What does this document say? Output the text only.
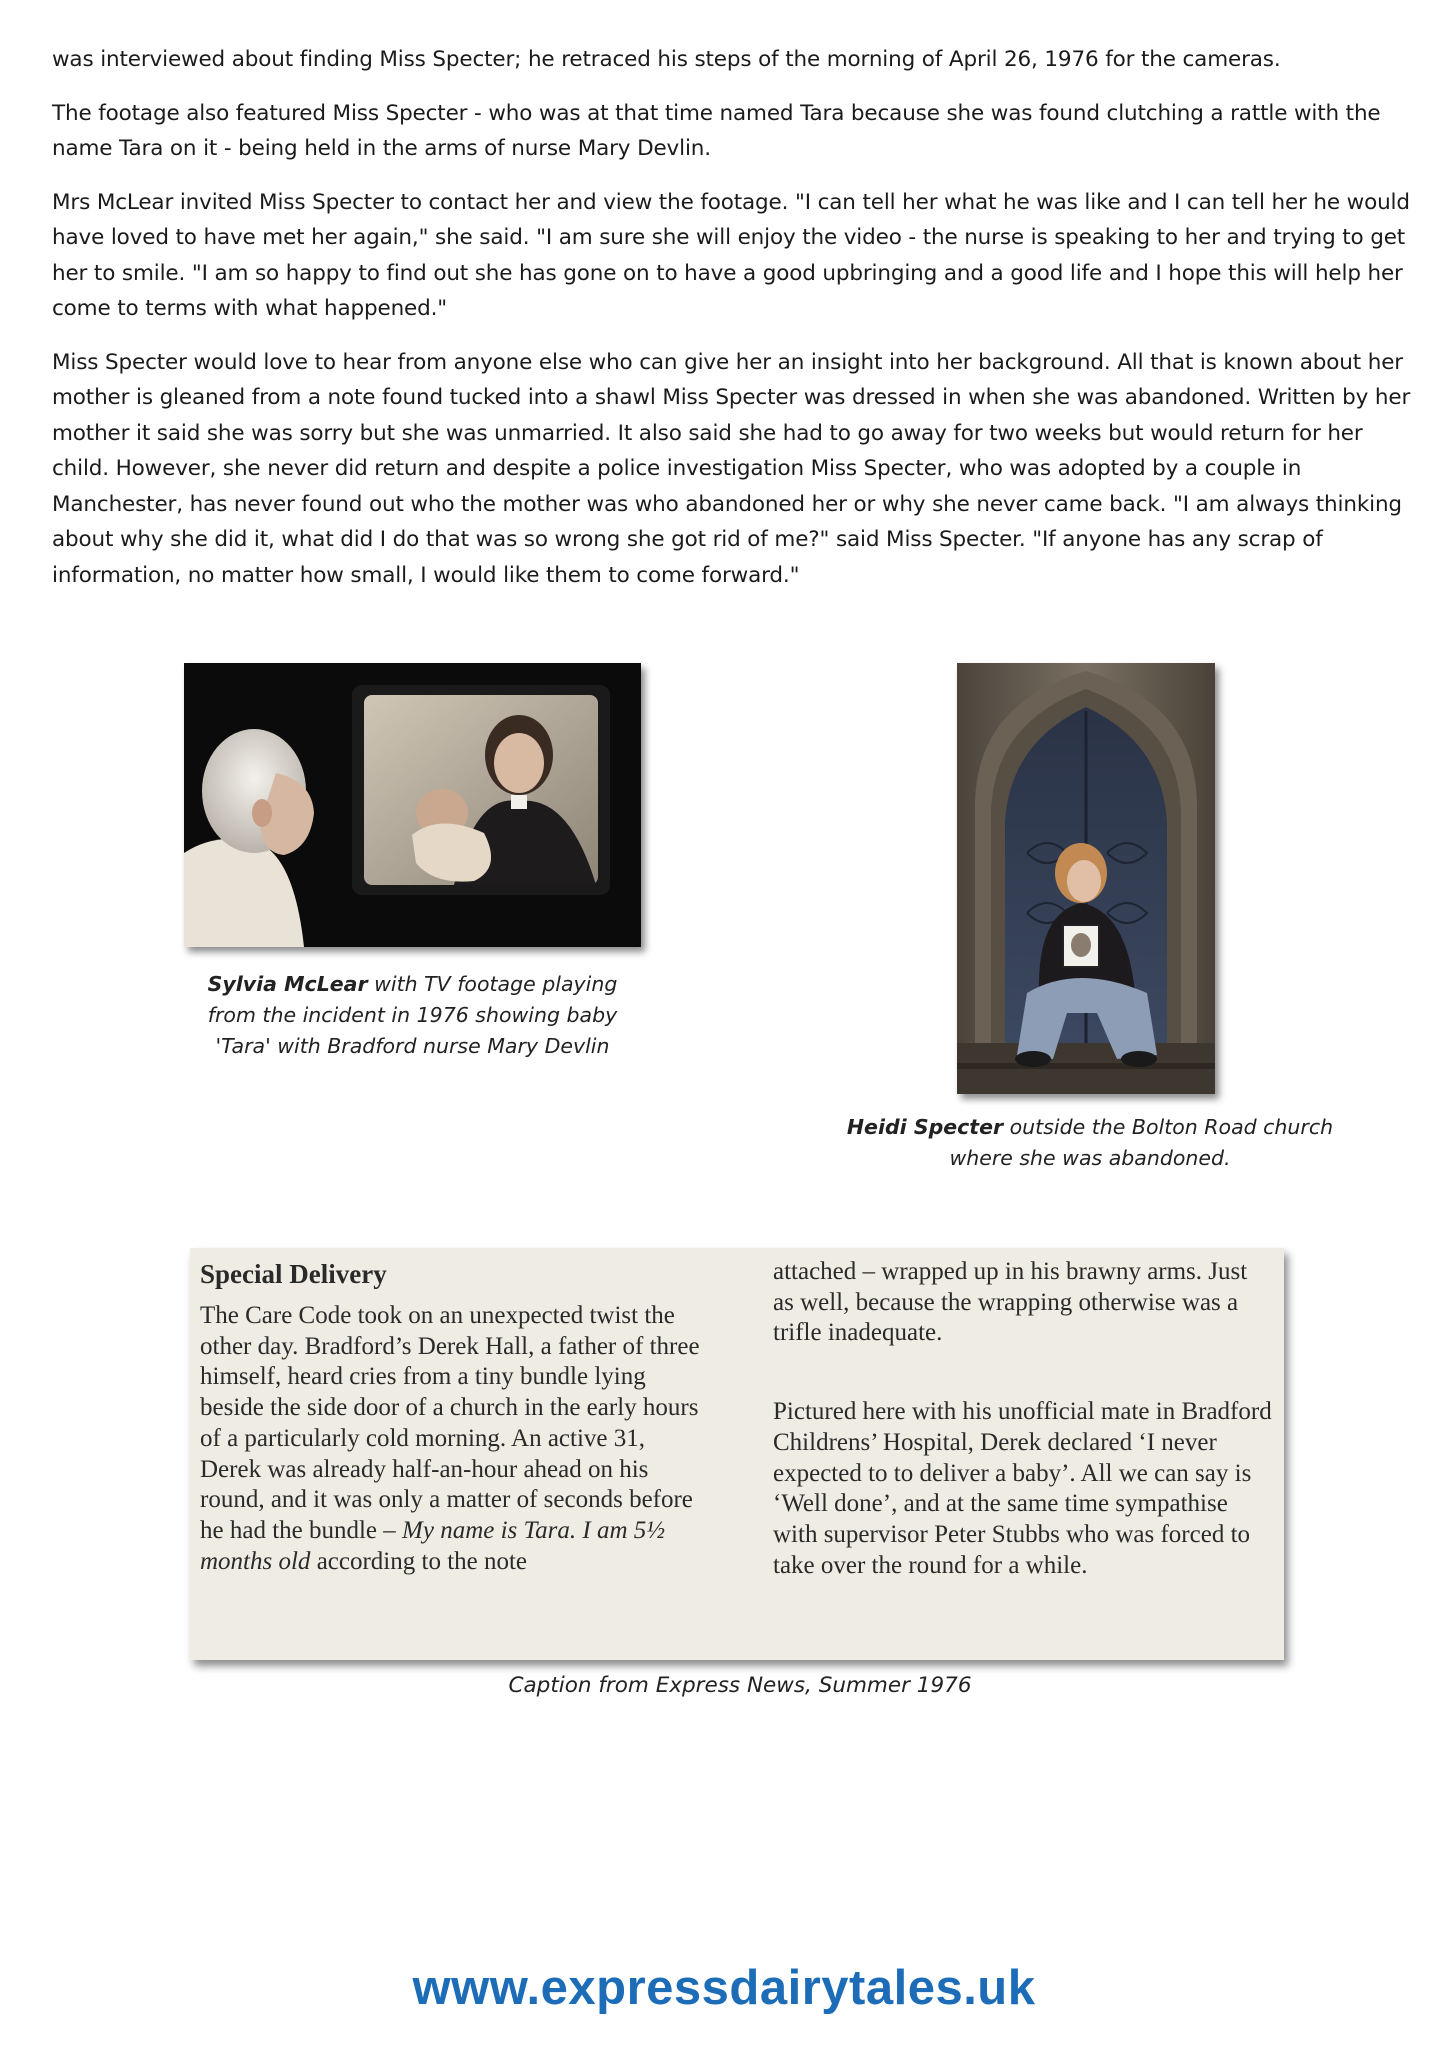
was interviewed about finding Miss Specter; he retraced his steps of the morning of April 26, 1976 for the cameras.

The footage also featured Miss Specter - who was at that time named Tara because she was found clutching a rattle with the name Tara on it - being held in the arms of nurse Mary Devlin.

Mrs McLear invited Miss Specter to contact her and view the footage. "I can tell her what he was like and I can tell her he would have loved to have met her again," she said. "I am sure she will enjoy the video - the nurse is speaking to her and trying to get her to smile. "I am so happy to find out she has gone on to have a good upbringing and a good life and I hope this will help her come to terms with what happened."

Miss Specter would love to hear from anyone else who can give her an insight into her background. All that is known about her mother is gleaned from a note found tucked into a shawl Miss Specter was dressed in when she was abandoned. Written by her mother it said she was sorry but she was unmarried. It also said she had to go away for two weeks but would return for her child. However, she never did return and despite a police investigation Miss Specter, who was adopted by a couple in Manchester, has never found out who the mother was who abandoned her or why she never came back. "I am always thinking about why she did it, what did I do that was so wrong she got rid of me?" said Miss Specter. "If anyone has any scrap of information, no matter how small, I would like them to come forward."

Sylvia McLear with TV footage playing from the incident in 1976 showing baby 'Tara' with Bradford nurse Mary Devlin
Heidi Specter outside the Bolton Road church where she was abandoned.

Special Delivery

The Care Code took on an unexpected twist the other day. Bradford’s Derek Hall, a father of three himself, heard cries from a tiny bundle lying beside the side door of a church in the early hours of a particularly cold morning. An active 31, Derek was already half-an-hour ahead on his round, and it was only a matter of seconds before he had the bundle – My name is Tara. I am 5½ months old according to the note

attached – wrapped up in his brawny arms. Just as well, because the wrapping otherwise was a trifle inadequate.

Pictured here with his unofficial mate in Bradford Childrens’ Hospital, Derek declared ‘I never expected to to deliver a baby’. All we can say is ‘Well done’, and at the same time sympathise with supervisor Peter Stubbs who was forced to take over the round for a while.

Caption from Express News, Summer 1976
www.expressdairytales.uk
